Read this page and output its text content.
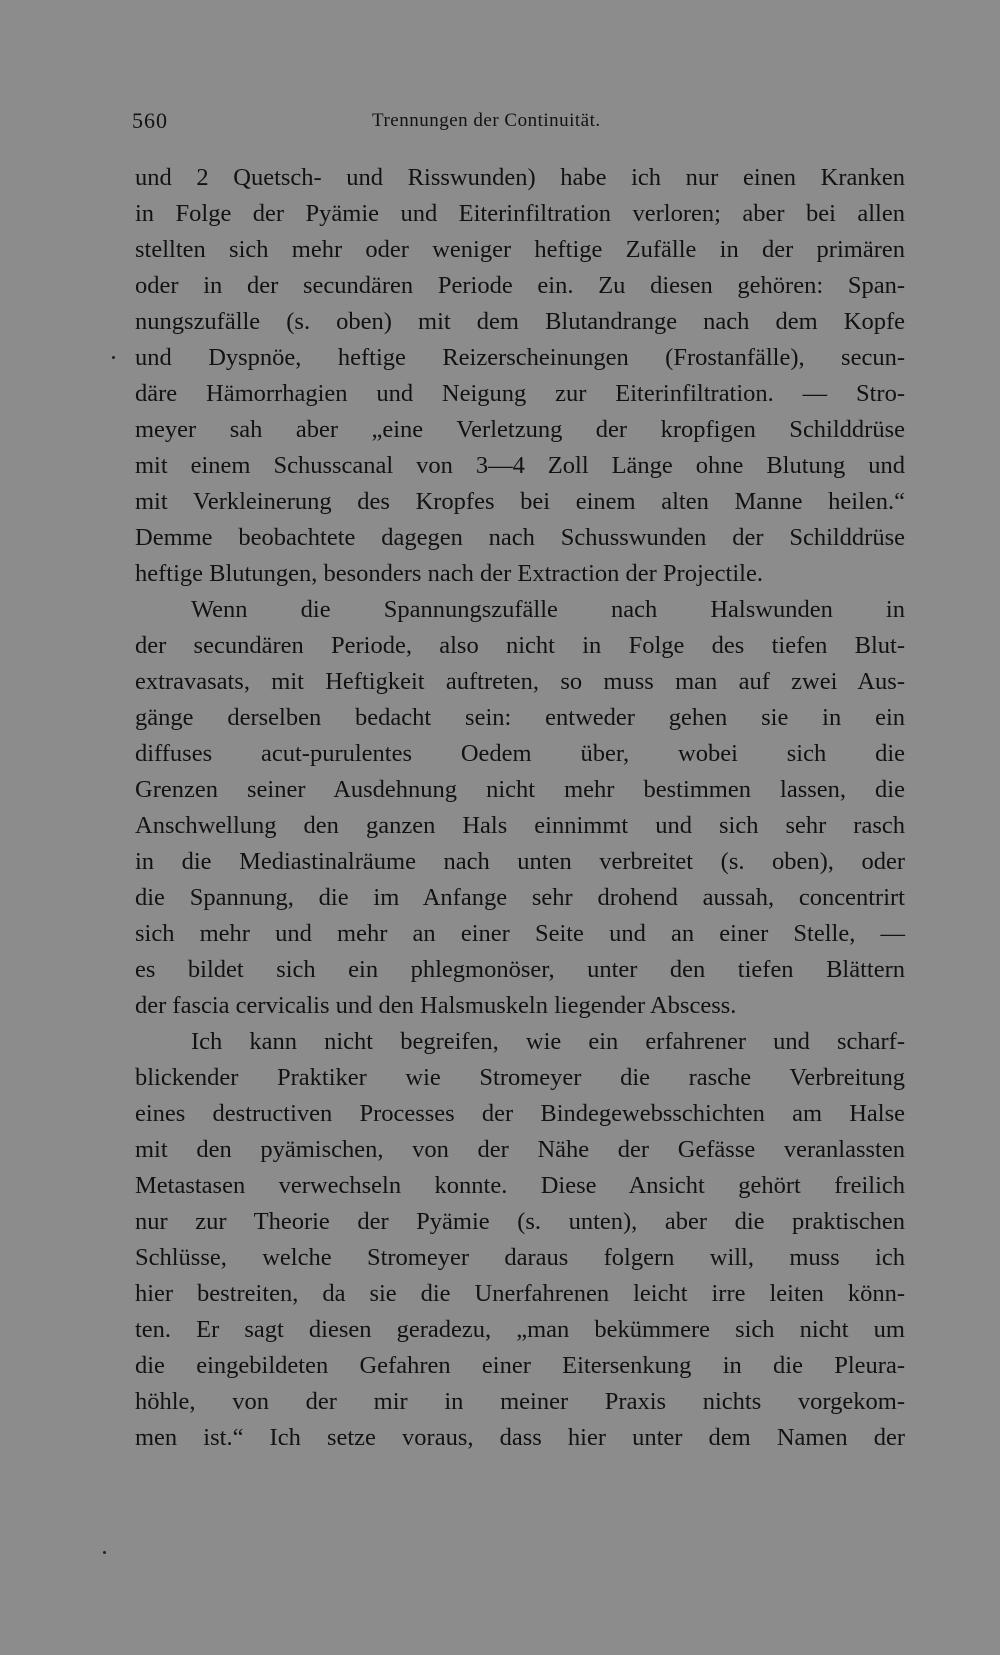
560	Trennungen der Continuität.
und 2 Quetsch- und Risswunden) habe ich nur einen Kranken
in Folge der Pyämie und Eiterinfiltration verloren; aber bei allen
stellten sich mehr oder weniger heftige Zufälle in der primären
oder in der secundären Periode ein. Zu diesen gehören: Span-
nungszufälle (s. oben) mit dem Blutandrange nach dem Kopfe
und Dyspnöe, heftige Reizerscheinungen (Frostanfälle), secun-
däre Hämorrhagien und Neigung zur Eiterinfiltration. — Stro-
meyer sah aber „eine Verletzung der kropfigen Schilddrüse
mit einem Schusscanal von 3—4 Zoll Länge ohne Blutung und
mit Verkleinerung des Kropfes bei einem alten Manne heilen.“
Demme beobachtete dagegen nach Schusswunden der Schilddrüse
heftige Blutungen, besonders nach der Extraction der Projectile.
Wenn die Spannungszufälle nach Halswunden in
der secundären Periode, also nicht in Folge des tiefen Blut-
extravasats, mit Heftigkeit auftreten, so muss man auf zwei Aus-
gänge derselben bedacht sein: entweder gehen sie in ein
diffuses acut-purulentes Oedem über, wobei sich die
Grenzen seiner Ausdehnung nicht mehr bestimmen lassen, die
Anschwellung den ganzen Hals einnimmt und sich sehr rasch
in die Mediastinalräume nach unten verbreitet (s. oben), oder
die Spannung, die im Anfange sehr drohend aussah, concentrirt
sich mehr und mehr an einer Seite und an einer Stelle, —
es bildet sich ein phlegmonöser, unter den tiefen Blättern
der fascia cervicalis und den Halsmuskeln liegender Abscess.
Ich kann nicht begreifen, wie ein erfahrener und scharf-
blickender Praktiker wie Stromeyer die rasche Verbreitung
eines destructiven Processes der Bindegewebsschichten am Halse
mit den pyämischen, von der Nähe der Gefässe veranlassten
Metastasen verwechseln konnte. Diese Ansicht gehört freilich
nur zur Theorie der Pyämie (s. unten), aber die praktischen
Schlüsse, welche Stromeyer daraus folgern will, muss ich
hier bestreiten, da sie die Unerfahrenen leicht irre leiten könn-
ten. Er sagt diesen geradezu, „man bekümmere sich nicht um
die eingebildeten Gefahren einer Eitersenkung in die Pleura-
höhle, von der mir in meiner Praxis nichts vorgekom-
men ist.“ Ich setze voraus, dass hier unter dem Namen der
